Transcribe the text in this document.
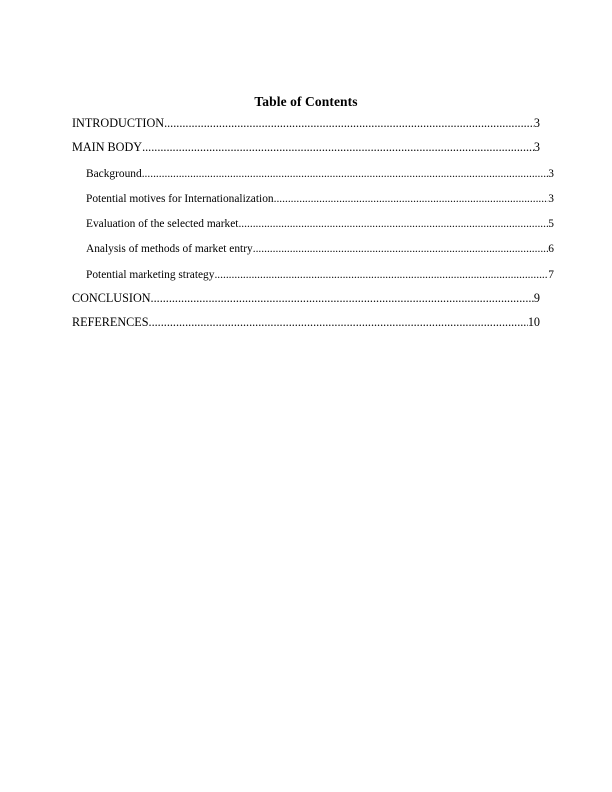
Table of Contents
INTRODUCTION .....	3
MAIN BODY .....	3
Background .....	3
Potential motives for Internationalization .....	3
Evaluation of the selected market .....	5
Analysis of methods of market entry .....	6
Potential marketing strategy .....	7
CONCLUSION .....	9
REFERENCES .....	10
